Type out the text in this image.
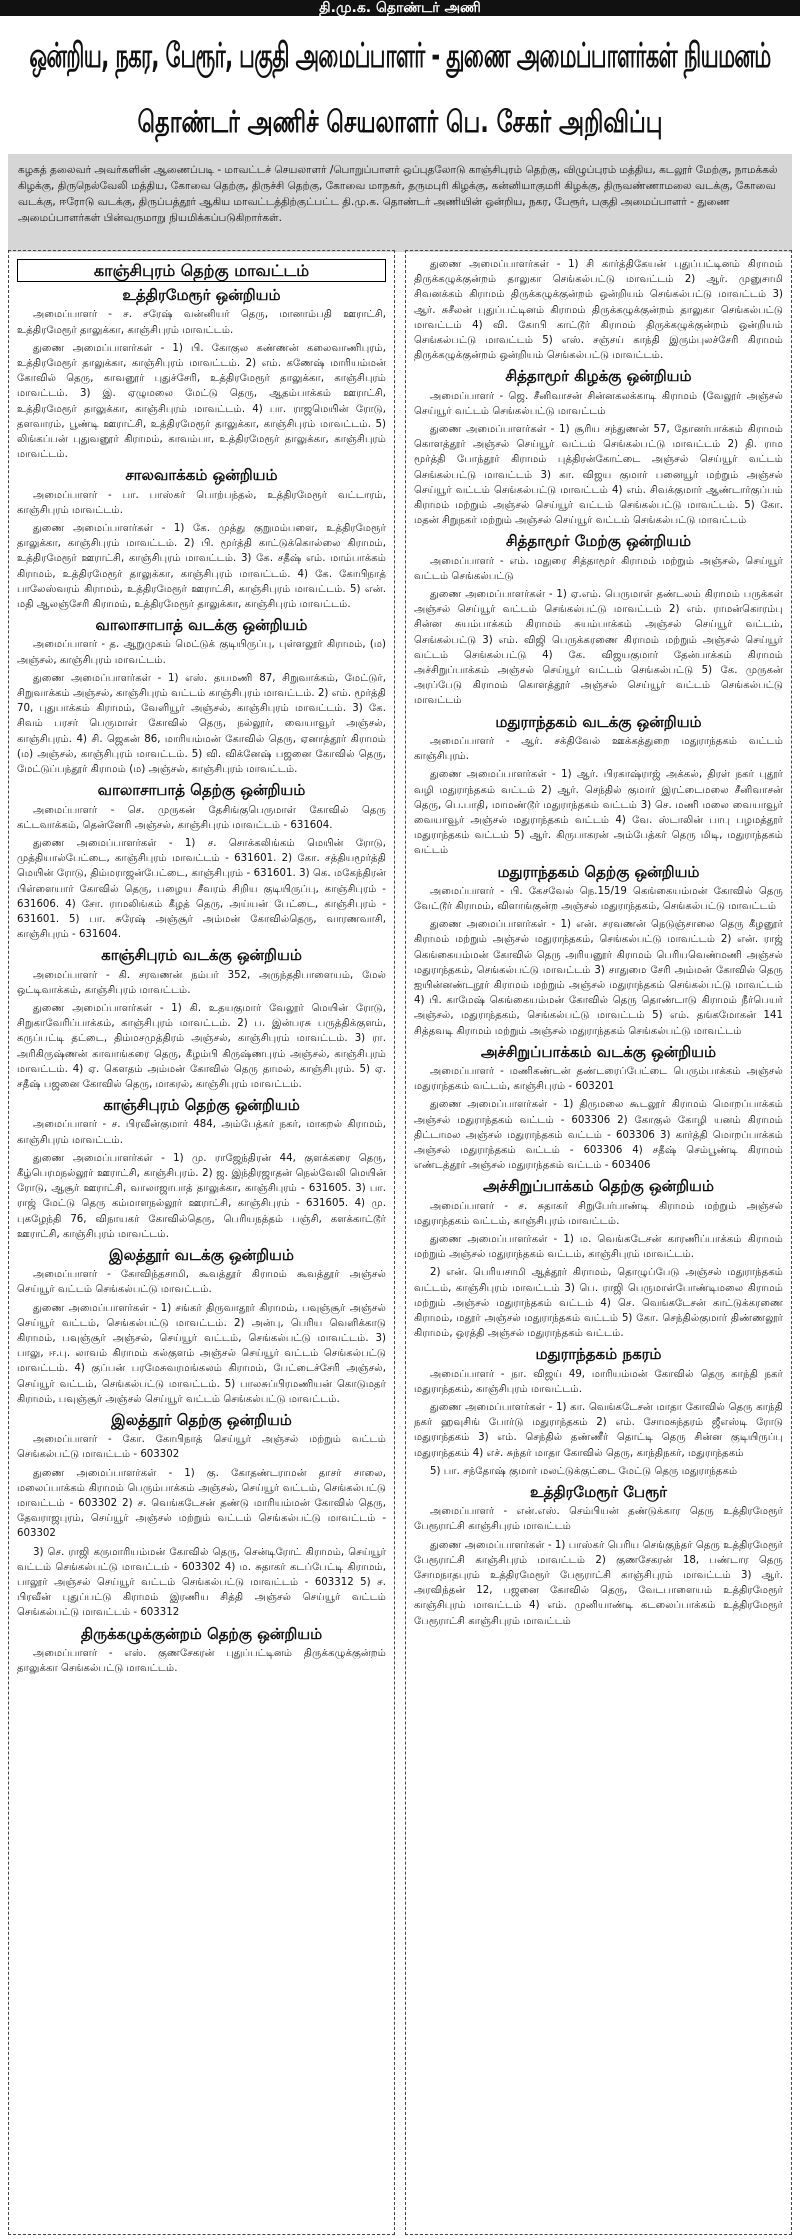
தி.மு.க. தொண்டர் அணி
ஒன்றிய, நகர, பேரூர், பகுதி அமைப்பாளர் - துணை அமைப்பாளர்கள் நியமனம்
தொண்டர் அணிச் செயலாளர் பெ. சேகர் அறிவிப்பு
கழகத் தலைவர் அவர்களின் ஆணைப்படி - மாவட்டச் செயலாளர் /பொறுப்பாளர் ஒப்புதலோடு காஞ்சிபுரம் தெற்கு, விழுப்புரம் மத்திய, கடலூர் மேற்கு, நாமக்கல் கிழக்கு, திருநெல்வேலி மத்திய, கோவை தெற்கு, திருச்சி தெற்கு, கோவை மாநகர், தருமபுரி கிழக்கு, கன்னியாகுமரி கிழக்கு, திருவண்ணாமலை வடக்கு, கோவை வடக்கு, ஈரோடு வடக்கு, திருப்பத்தூர் ஆகிய மாவட்டத்திற்குட்பட்ட தி.மு.க. தொண்டர் அணியின் ஒன்றிய, நகர, பேரூர், பகுதி அமைப்பாளர் - துணை அமைப்பாளர்கள் பின்வருமாறு நியமிக்கப்படுகிறார்கள்.
காஞ்சிபுரம் தெற்கு மாவட்டம்
உத்திரமேரூர் ஒன்றியம்

அமைப்பாளர் - ச. சரேஷ் வன்னியர் தெரு, மானாம்பதி ஊராட்சி, உத்திரமேரூர் தாலுக்கா, காஞ்சிபுரம் மாவட்டம்.

துணை அமைப்பாளர்கள் - 1) பி. கோகுல கண்ணன் கலைவாணிபுரம், உத்திரமேரூர் தாலுக்கா, காஞ்சிபுரம் மாவட்டம். 2) எம். கணேஷ் மாரியம்மன் கோவில் தெரு, காவனூர் புதுச்சேரி, உத்திரமேரூர் தாலுக்கா, காஞ்சிபுரம் மாவட்டம். 3) இ. ஏழுமலை மேட்டு தெரு, ஆதம்பாக்கம் ஊராட்சி, உத்திரமேரூர் தாலுக்கா, காஞ்சிபுரம் மாவட்டம். 4) பா. ராஜமெயின் ரோடு, தளவாரம், பூண்டி ஊராட்சி, உத்திரமேரூர் தாலுக்கா, காஞ்சிபுரம் மாவட்டம். 5) லிங்கப்பன் புதுவனூர் கிராமம், காவம்பா, உத்திரமேரூர் தாலுக்கா, காஞ்சிபுரம் மாவட்டம்.

சாலவாக்கம் ஒன்றியம்

அமைப்பாளர் - பா. பாஸ்கர் பொற்பந்தல், உத்திரமேரூர் வட்டாரம், காஞ்சிபுரம் மாவட்டம்.

துணை அமைப்பாளர்கள் - 1) கே. முத்து குறுமம்பளை, உத்திரமேரூர் தாலுக்கா, காஞ்சிபுரம் மாவட்டம். 2) பி. மூர்த்தி காட்டுக்கொல்லை கிராமம், உத்திரமேரூர் ஊராட்சி, காஞ்சிபுரம் மாவட்டம். 3) கே. சதீஷ் எம். மாம்பாக்கம் கிராமம், உத்திரமேரூர் தாலுக்கா, காஞ்சிபுரம் மாவட்டம். 4) கே. கோபிநாத் பாலேஸ்வரம் கிராமம், உத்திரமேரூர் ஊராட்சி, காஞ்சிபுரம் மாவட்டம். 5) என். மதி ஆலஞ்சேரி கிராமம், உத்திரமேரூர் தாலுக்கா, காஞ்சிபுரம் மாவட்டம்.

வாலாசாபாத் வடக்கு ஒன்றியம்

அமைப்பாளர் - த. ஆறுமுகம் மெட்டுக் குடியிருப்பு, புள்ளலூர் கிராமம், (ம) அஞ்சல், காஞ்சிபுரம் மாவட்டம்.

துணை அமைப்பாளர்கள் - 1) எஸ். தயமணி 87, சிறுவாக்கம், மேட்டுர், சிறுவாக்கம் அஞ்சல், காஞ்சிபுரம் வட்டம் காஞ்சிபுரம் மாவட்டம். 2) எம். மூர்த்தி 70, புதுபாக்கம் கிராமம், வேளியூர் அஞ்சல், காஞ்சிபுரம் மாவட்டம். 3) கே. சிவம் பரசர் பெருமாள் கோவில் தெரு, நல்லூர், வையாவூர் அஞ்சல், காஞ்சிபுரம். 4) சி. ஜெகன் 86, மாரியம்மன் கோவில் தெரு, ஏனாத்தூர் கிராமம் (ம) அஞ்சல், காஞ்சிபுரம் மாவட்டம். 5) வி. விக்னேஷ் பஜனை கோவில் தெரு, மேட்டுப்பந்தூர் கிராமம் (ம) அஞ்சல், காஞ்சிபுரம் மாவட்டம்.

வாலாசாபாத் தெற்கு ஒன்றியம்

அமைப்பாளர் - செ. முருகன் தேசிங்குபெருமாள் கோவில் தெரு கட்டவாக்கம், தென்னேரி அஞ்சல், காஞ்சிபுரம் மாவட்டம் - 631604.

துணை அமைப்பாளர்கள் - 1) ச. சொக்கலிங்கம் மெயின் ரோடு, முத்தியால்பேட்டை, காஞ்சிபுரம் மாவட்டம் - 631601. 2) கோ. சத்தியமூர்த்தி மெயின் ரோடு, திம்மராஜன்பேட்டை, காஞ்சிபுரம் - 631601. 3) கெ. மகேந்திரன் பிள்ளையார் கோவில் தெரு, பழைய சீவரம் சிறிய குடியிருப்பு, காஞ்சிபுரம் - 631606. 4) சோ. ராமலிங்கம் கீழத் தெரு, அய்யன் பேட்டை, காஞ்சிபுரம் - 631601. 5) பா. சுரேஷ் அஞ்சூர் அம்மன் கோவில்தெரு, வாரணவாசி, காஞ்சிபுரம் - 631604.

காஞ்சிபுரம் வடக்கு ஒன்றியம்

அமைப்பாளர் - கி. சரவணன் நம்பர் 352, அருந்ததிபாளையம், மேல் ஒட்டிவாக்கம், காஞ்சிபுரம் மாவட்டம்.

துணை அமைப்பாளர்கள் - 1) கி. உதயகுமார் வேலூர் மெயின் ரோடு, சிறுகாவேரிப்பாக்கம், காஞ்சிபுரம் மாவட்டம். 2) ப. இன்பரசு பருத்திக்குளம், கருப்பட்டி தட்டை, திம்மசமுத்திரம் அஞ்சல், காஞ்சிபுரம் மாவட்டம். 3) ரா. அரிகிருஷ்ணன் காவாங்கரை தெரு, கீழம்பி கிருஷ்ணபுரம் அஞ்சல், காஞ்சிபுரம் மாவட்டம். 4) ஏ. கௌதம் அம்மன் கோவில் தெரு தாமல், காஞ்சிபுரம். 5) ஏ. சதீஷ் பஜனை கோவில் தெரு, மாகரல், காஞ்சிபுரம் மாவட்டம்.

காஞ்சிபுரம் தெற்கு ஒன்றியம்

அமைப்பாளர் - ச. பிரவீன்குமார் 484, அம்பேத்கர் நகர், மாகறல் கிராமம், காஞ்சிபுரம் மாவட்டம்.

துணை அமைப்பாளர்கள் - 1) மு. ராஜேந்திரன் 44, குளக்கரை தெரு, கீழ்பெரமநல்லூர் ஊராட்சி, காஞ்சிபுரம். 2) ஜ. இந்திரஜாதன் நெல்வேலி மெயின் ரோடு, ஆசூர் ஊராட்சி, வாலாஜாபாத் தாலுக்கா, காஞ்சிபுரம் - 631605. 3) பா. ராஜ் மேட்டு தெரு கம்மாளநல்லூர் ஊராட்சி, காஞ்சிபுரம் - 631605. 4) மு. புகழேந்தி 76, விநாயகர் கோவில்தெரு, பெரியநத்தம் பஞ்சி, களக்காட்டூர் ஊராட்சி, காஞ்சிபுரம் மாவட்டம்.

இலத்தூர் வடக்கு ஒன்றியம்

அமைப்பாளர் - கோவிந்தசாமி, கூவத்தூர் கிராமம் கூவத்தூர் அஞ்சல் செய்யூர் வட்டம் செங்கல்பட்டு மாவட்டம்.

துணை அமைப்பாளர்கள் - 1) சங்கர் திருவாதூர் கிராமம், பவுஞ்சூர் அஞ்சல் செய்யூர் வட்டம், செங்கல்பட்டு மாவட்டம். 2) அன்பு, பெரிய வெளிக்காடு கிராமம், பவுஞ்சூர் அஞ்சல், செய்யூர் வட்டம், செங்கல்பட்டு மாவட்டம். 3) பாலு, ஈ.பு. லாவம் கிராமம் கல்குளம் அஞ்சல் செய்யூர் வட்டம் செங்கல்பட்டு மாவட்டம். 4) குப்பன் பரமேசுவரமங்கலம் கிராமம், பேட்டைச்சேரி அஞ்சல், செய்யூர் வட்டம், செங்கல்பட்டு மாவட்டம். 5) பாலசுப்பிரமணியன் கொடுமதர் கிராமம், பவுஞ்சூர் அஞ்சல் செய்யூர் வட்டம் செங்கல்பட்டு மாவட்டம்.

இலத்தூர் தெற்கு ஒன்றியம்

அமைப்பாளர் - கோ. கோபிநாத் செய்யூர் அஞ்சல் மற்றும் வட்டம் செங்கல்பட்டு மாவட்டம் - 603302

துணை அமைப்பாளர்கள் - 1) கு. கோதண்டராமன் தாசர் சாலை, மலைப்பாக்கம் கிராமம் பெரும்பாக்கம் அஞ்சல், செய்யூர் வட்டம், செங்கல்பட்டு மாவட்டம் - 603302 2) ச. வெங்கடேசன் தண்டு மாரியம்மன் கோவில் தெரு, தேவராஜபுரம், செய்யூர் அஞ்சல் மற்றும் வட்டம் செங்கல்பட்டு மாவட்டம் - 603302

3) செ. ராஜி கருமாரியம்மன் கோவில் தெரு, சென்டிரோட் கிராமம், செய்யூர் வட்டம் செங்கல்பட்டு மாவட்டம் - 603302 4) ம. சுதாகர் கடப்பேட்டி கிராமம், பாலூர் அஞ்சல் செய்யூர் வட்டம் செங்கல்பட்டு மாவட்டம் - 603312 5) ச. பிரவீன் புதுப்பட்டு கிராமம் இரணிய சித்தி அஞ்சல் செய்யூர் வட்டம் செங்கல்பட்டு மாவட்டம் - 603312

திருக்கழுக்குன்றம் தெற்கு ஒன்றியம்

அமைப்பாளர் - எஸ். குணசேகரன் புதுப்பட்டினம் திருக்கழுக்குன்றம் தாலுக்கா செங்கல்பட்டு மாவட்டம்.

துணை அமைப்பாளர்கள் - 1) சி கார்த்திகேயன் புதுப்பட்டினம் கிராமம் திருக்கழுக்குன்றம் தாலுகா செங்கல்பட்டு மாவட்டம் 2) ஆர். முனுசாமி சிவனக்கம் கிராமம் திருக்கழுக்குன்றம் ஒன்றியம் செங்கல்பட்டு மாவட்டம் 3) ஆர். சுசீலன் புதுப்பட்டினம் கிராமம் திருக்கழுக்குன்றம் தாலுகா செங்கல்பட்டு மாவட்டம் 4) வி. கோபி காட்டூர் கிராமம் திருக்கழுக்குன்றம் ஒன்றியம் செங்கல்பட்டு மாவட்டம் 5) எஸ். சஞ்சய் காந்தி இரும்புலச்சேரி கிராமம் திருக்கழுக்குன்றம் ஒன்றியம் செங்கல்பட்டு மாவட்டம்.

சித்தாமூர் கிழக்கு ஒன்றியம்

அமைப்பாளர் - ஜெ. சீனிவாசன் சின்னகலக்காடி கிராமம் (வேலூர் அஞ்சல் செய்யூர் வட்டம் செங்கல்பட்டு மாவட்டம்

துணை அமைப்பாளர்கள் - 1) சூரிய சந்துணன் 57, தோனர்பாக்கம் கிராமம் கொளத்தூர் அஞ்சல் செய்யூர் வட்டம் செங்கல்பட்டு மாவட்டம் 2) தி. ராம மூர்த்தி போந்தூர் கிராமம் புத்திரன்கோட்டை அஞ்சல் செய்யூர் வட்டம் செங்கல்பட்டு மாவட்டம் 3) கா. விஜய குமார் பனையூர் மற்றும் அஞ்சல் செய்யூர் வட்டம் செங்கல்பட்டு மாவட்டம் 4) எம். சிவக்குமார் ஆண்டார்குப்பம் கிராமம் மற்றும் அஞ்சல் செய்யூர் வட்டம் செங்கல்பட்டு மாவட்டம். 5) கோ. மதன் சிறுநகர் மற்றும் அஞ்சல் செய்யூர் வட்டம் செங்கல்பட்டு மாவட்டம்

சித்தாமூர் மேற்கு ஒன்றியம்

அமைப்பாளர் - எம். மதுரை சித்தாமூர் கிராமம் மற்றும் அஞ்சல், செய்யூர் வட்டம் செங்கல்பட்டு

துணை அமைப்பாளர்கள் - 1) ஏ.எம். பெருமாள் தண்டலம் கிராமம் பருக்கள் அஞ்சல் செய்யூர் வட்டம் செங்கல்பட்டு மாவட்டம் 2) எம். ராமன்கொரம்பு சின்ன சுயம்பாக்கம் கிராமம் சுயம்பாக்கம் அஞ்சல் செய்யூர் வட்டம், செங்கல்பட்டு 3) எம். விஜி பெருக்கரணை கிராமம் மற்றும் அஞ்சல் செய்யூர் வட்டம் செங்கல்பட்டு 4) கே. விஜயகுமார் தேன்பாக்கம் கிராமம் அச்சிறுப்பாக்கம் அஞ்சல் செய்யூர் வட்டம் செங்கல்பட்டு 5) கே. முருகன் அரப்பேடு கிராமம் கொளத்தூர் அஞ்சல் செய்யூர் வட்டம் செங்கல்பட்டு மாவட்டம்

மதுராந்தகம் வடக்கு ஒன்றியம்

அமைப்பாளர் - ஆர். சக்திவேல் ஊக்கத்துறை மதுராந்தகம் வட்டம் காஞ்சிபுரம்.

துணை அமைப்பாளர்கள் - 1) ஆர். பிரகாஷ்ராஜ் அக்கல், திரள் நகர் புதூர் வழி மதுராந்தகம் வட்டம் 2) ஆர். செந்தில் குமார் இரட்டைமலை சீனிவாசன் தெரு, பெ.பாதி, மாமண்டூர் மதுராந்தகம் வட்டம் 3) செ. மணி மலை வையாவூர் வையாவூர் அஞ்சல் மதுராந்தகம் வட்டம் 4) வே. ஸ்டாலின் பாபு பழமத்தூர் மதுராந்தகம் வட்டம் 5) ஆர். கிருபாகரன் அம்பேத்கர் தெரு மிடி, மதுராந்தகம் வட்டம்

மதுராந்தகம் தெற்கு ஒன்றியம்

அமைப்பாளர் - பி. கேசவேல் நெ.15/19 கெங்கையம்மன் கோவில் தெரு வேட்டூர் கிராமம், விளாங்குன்ற அஞ்சல் மதுராந்தகம், செங்கல்பட்டு மாவட்டம்

துணை அமைப்பாளர்கள் - 1) என். சரவணன் நெடுஞ்சாலை தெரு கீழனூர் கிராமம் மற்றும் அஞ்சல் மதுராந்தகம், செங்கல்பட்டு மாவட்டம் 2) என். ராஜ் கெங்கையம்மன் கோவில் தெரு அரியனூர் கிராமம் பெரியவெண்மணி அஞ்சல் மதுராந்தகம், செங்கல்பட்டு மாவட்டம் 3) சாதுமை சேரி அம்மன் கோவில் தெரு ஐயின்னண்டநூர் கிராமம் மற்றும் அஞ்சல் மதுராந்தகம் செங்கல்பட்டு மாவட்டம் 4) பி. காமேஷ் கெங்கையம்மன் கோவில் தெரு தொண்டாடு கிராமம் நீர்பெயர் அஞ்சல், மதுராந்தகம், செங்கல்பட்டு மாவட்டம் 5) எம். தங்கமோகன் 141 சித்தவடி கிராமம் மற்றும் அஞ்சல் மதுராந்தகம் செங்கல்பட்டு மாவட்டம்

அச்சிறுப்பாக்கம் வடக்கு ஒன்றியம்

அமைப்பாளர் - மணிகண்டன் தண்டரைப்பேட்டை பெரும்பாக்கம் அஞ்சல் மதுராந்தகம் வட்டம், காஞ்சிபுரம் - 603201

துணை அமைப்பாளர்கள் - 1) திருமலை கூடலூர் கிராமம் மொறப்பாக்கம் அஞ்சல் மதுராந்தகம் வட்டம் - 603306 2) கோகுல் கோழி யனம் கிராமம் திட்டாமல அஞ்சல் மதுராந்தகம் வட்டம் - 603306 3) கார்த்தி மொறப்பாக்கம் அஞ்சல் மதுராந்தகம் வட்டம் - 603306 4) சதீஷ் செம்பூண்டி கிராமம் எண்டத்தூர் அஞ்சல் மதுராந்தகம் வட்டம் - 603406

அச்சிறுப்பாக்கம் தெற்கு ஒன்றியம்

அமைப்பாளர் - ச. சுதாகர் சிறுபேர்பாண்டி கிராமம் மற்றும் அஞ்சல் மதுராந்தகம் வட்டம், காஞ்சிபுரம் மாவட்டம்.

துணை அமைப்பாளர்கள் - 1) ம. வெங்கடேசன் காரணிப்பாக்கம் கிராமம் மற்றும் அஞ்சல் மதுராந்தகம் வட்டம், காஞ்சிபுரம் மாவட்டம்.

2) என். பெரியசாமி ஆத்தூர் கிராமம், தொழுப்பேடு அஞ்சல் மதுராந்தகம் வட்டம், காஞ்சிபுரம் மாவட்டம் 3) பெ. ராஜி பெருமாள்போண்டிமலை கிராமம் மற்றும் அஞ்சல் மதுராந்தகம் வட்டம் 4) செ. வெங்கடேசன் காட்டுக்கரணை கிராமம், மதூர் அஞ்சல் மதுராந்தகம் வட்டம் 5) கோ. செந்தில்குமார் திண்ணலூர் கிராமம், ஒரத்தி அஞ்சல் மதுராந்தகம் வட்டம்.

மதுராந்தகம் நகரம்

அமைப்பாளர் - நா. விஜய் 49, மாரியம்மன் கோவில் தெரு காந்தி நகர் மதுராந்தகம், காஞ்சிபுரம் மாவட்டம்.

துணை அமைப்பாளர்கள் - 1) கா. வெங்கடேசன் மாதா கோவில் தெரு காந்தி நகர் ஹவுசிங் போர்டு மதுராந்தகம் 2) எம். சோமசுந்தரம் ஜீஎஸ்டி ரோடு மதுராந்தகம் 3) எம். செந்தில் தண்ணீர் தொட்டி தெரு சின்ன குடியிருப்பு மதுராந்தகம் 4) எச். சுந்தர் மாதா கோவில் தெரு, காந்திநகர், மதுராந்தகம்

5) பா. சந்தோஷ் குமார் மலட்டுக்குட்டை மேட்டு தெரு மதுராந்தகம்

உத்திரமேரூர் பேரூர்

அமைப்பாளர் - என்.எஸ். செம்பியன் தண்டுக்கார தெரு உத்திரமேரூர் பேரூராட்சி காஞ்சிபுரம் மாவட்டம்

துணை அமைப்பாளர்கள் - 1) பாஸ்கர் பெரிய செங்குந்தர் தெரு உத்திரமேரூர் பேரூராட்சி காஞ்சிபுரம் மாவட்டம் 2) குணசேகரன் 18, பண்டார தெரு சோமநாதபுரம் உத்திரமேரூர் பேரூராட்சி காஞ்சிபுரம் மாவட்டம் 3) ஆர். அரவிந்தன் 12, பஜனை கோவில் தெரு, வேடபாளையம் உத்திரமேரூர் காஞ்சிபுரம் மாவட்டம் 4) எம். முனியாண்டி கடலைப்பாக்கம் உத்திரமேரூர் பேரூராட்சி காஞ்சிபுரம் மாவட்டம்
